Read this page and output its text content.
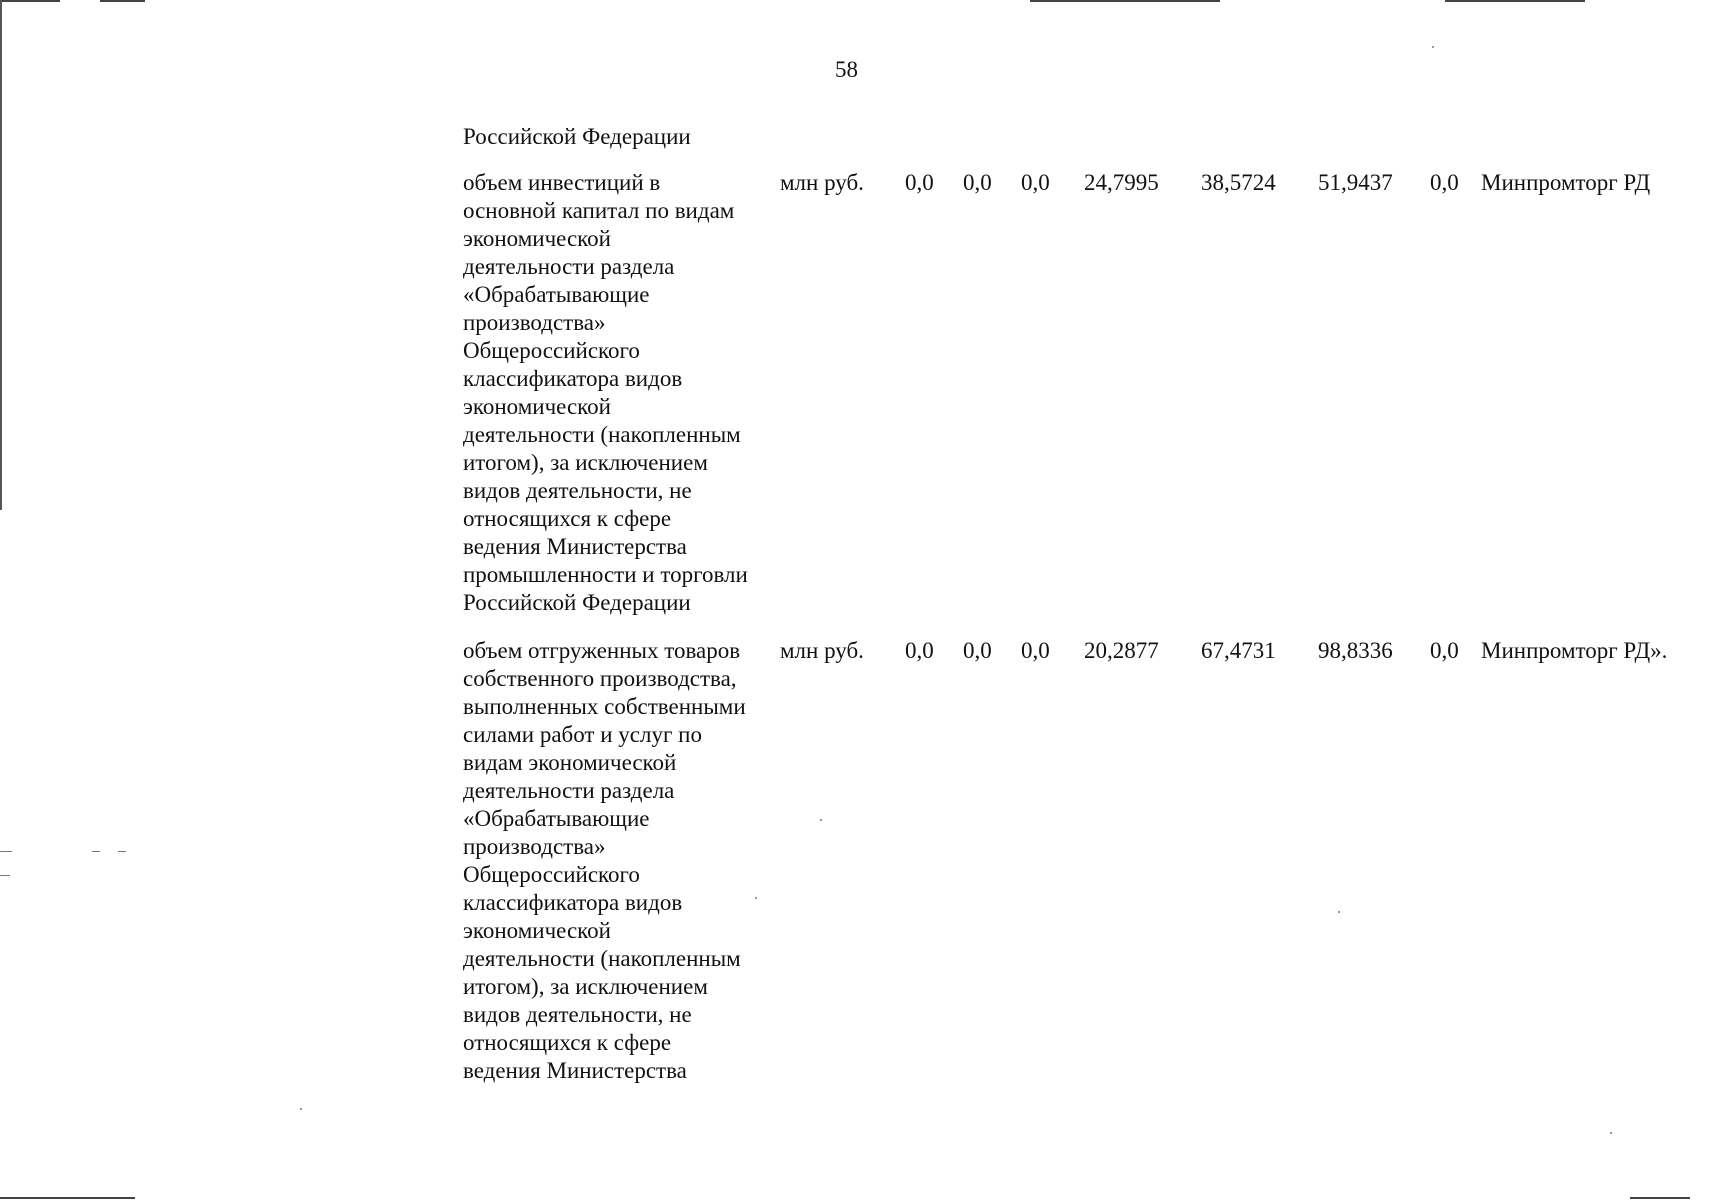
58
Российской Федерации
объем инвестиций в
основной капитал по видам
экономической
деятельности раздела
«Обрабатывающие
производства»
Общероссийского
классификатора видов
экономической
деятельности (накопленным
итогом), за исключением
видов деятельности, не
относящихся к сфере
ведения Министерства
промышленности и торговли
Российской Федерации
млн руб. 0,0 0,0 0,0 24,7995 38,5724 51,9437 0,0 Минпромторг РД
объем отгруженных товаров
собственного производства,
выполненных собственными
силами работ и услуг по
видам экономической
деятельности раздела
«Обрабатывающие
производства»
Общероссийского
классификатора видов
экономической
деятельности (накопленным
итогом), за исключением
видов деятельности, не
относящихся к сфере
ведения Министерства
млн руб. 0,0 0,0 0,0 20,2877 67,4731 98,8336 0,0 Минпромторг РД».
